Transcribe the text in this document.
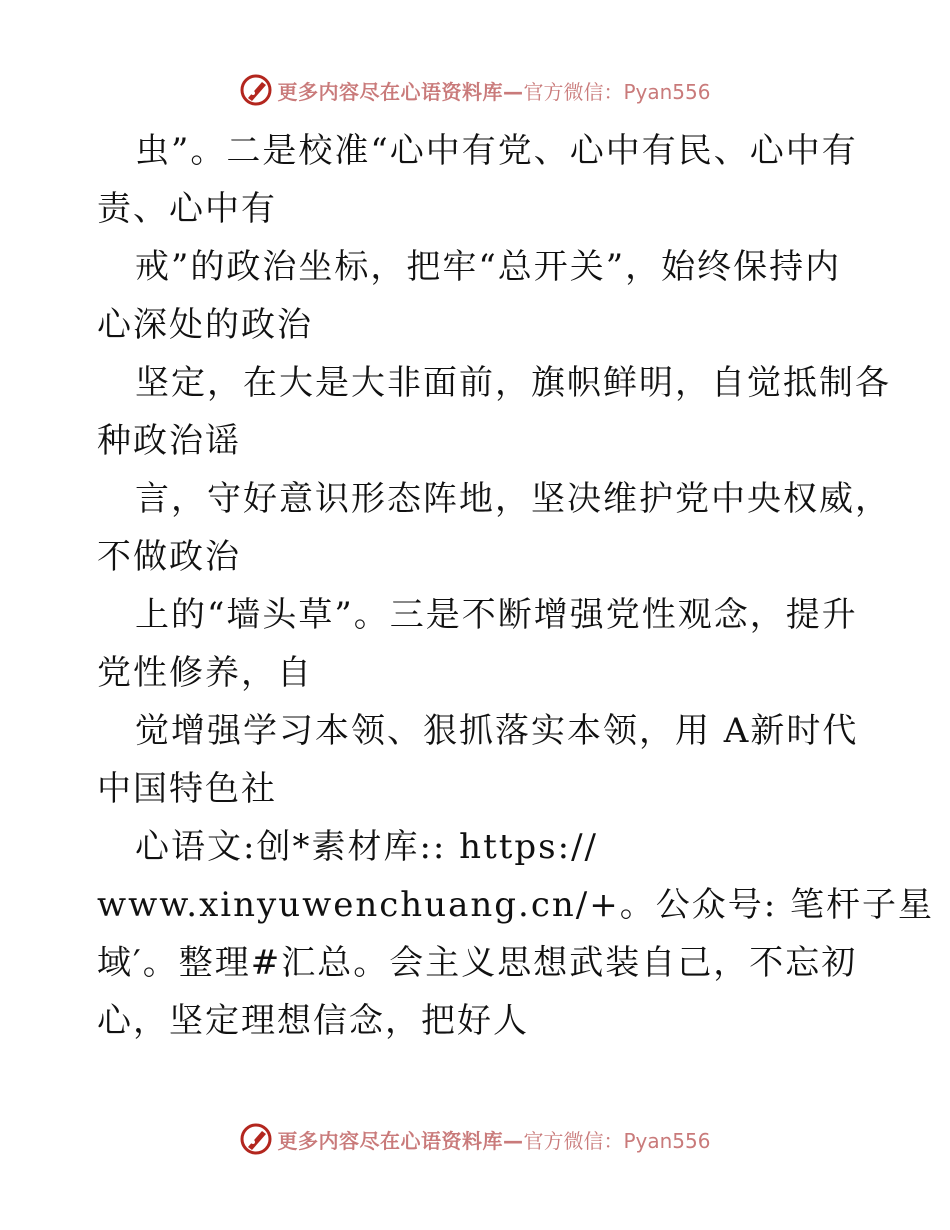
更多内容尽在心语资料库— 官方微信：Pyan556
虫”。二是校准“心中有党、心中有民、心中有
责、心中有
戒”的政治坐标，把牢“总开关”，始终保持内
心深处的政治
坚定，在大是大非面前，旗帜鲜明，自觉抵制各
种政治谣
言，守好意识形态阵地，坚决维护党中央权威，
不做政治
上的“墙头草”。三是不断增强党性观念，提升
党性修养，自
觉增强学习本领、狠抓落实本领，用 A新时代
中国特色社
心语文:创*素材库:: https://
www.xinyuwenchuang.cn/+。公众号: 笔杆子星
域′。整理#汇总。会主义思想武装自己，不忘初
心，坚定理想信念，把好人
更多内容尽在心语资料库— 官方微信：Pyan556
